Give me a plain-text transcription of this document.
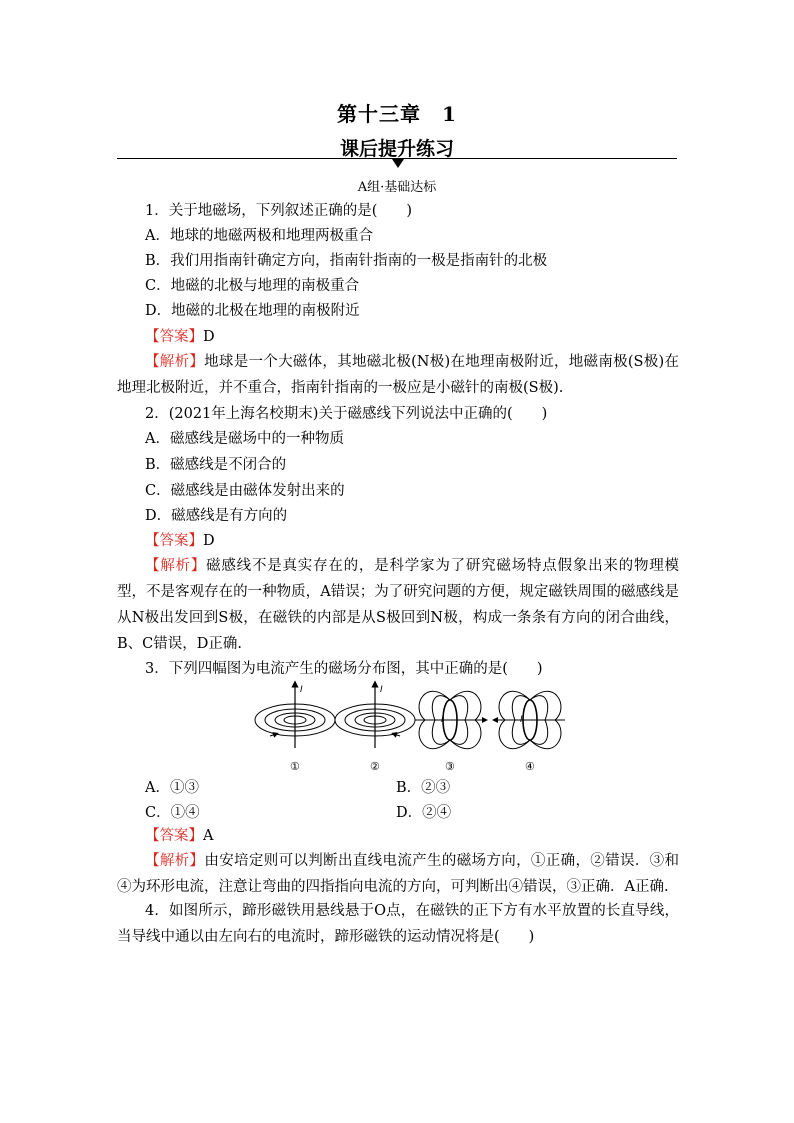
第十三章　1
课后提升练习
A组·基础达标
1．关于地磁场，下列叙述正确的是(　　)
A．地球的地磁两极和地理两极重合
B．我们用指南针确定方向，指南针指南的一极是指南针的北极
C．地磁的北极与地理的南极重合
D．地磁的北极在地理的南极附近
【答案】D
【解析】地球是一个大磁体，其地磁北极(N极)在地理南极附近，地磁南极(S极)在地理北极附近，并不重合，指南针指南的一极应是小磁针的南极(S极).
2．(2021年上海名校期末)关于磁感线下列说法中正确的(　　)
A．磁感线是磁场中的一种物质
B．磁感线是不闭合的
C．磁感线是由磁体发射出来的
D．磁感线是有方向的
【答案】D
【解析】磁感线不是真实存在的，是科学家为了研究磁场特点假象出来的物理模型，不是客观存在的一种物质，A错误；为了研究问题的方便，规定磁铁周围的磁感线是从N极出发回到S极，在磁铁的内部是从S极回到N极，构成一条条有方向的闭合曲线，B、C错误，D正确.
3．下列四幅图为电流产生的磁场分布图，其中正确的是(　　)
I
①
I
②
I
③
I
④
A．①③	B．②③
C．①④	D．②④
【答案】A
【解析】由安培定则可以判断出直线电流产生的磁场方向，①正确，②错误．③和④为环形电流，注意让弯曲的四指指向电流的方向，可判断出④错误，③正确．A正确.
4．如图所示，蹄形磁铁用悬线悬于O点，在磁铁的正下方有水平放置的长直导线，当导线中通以由左向右的电流时，蹄形磁铁的运动情况将是(　　)
